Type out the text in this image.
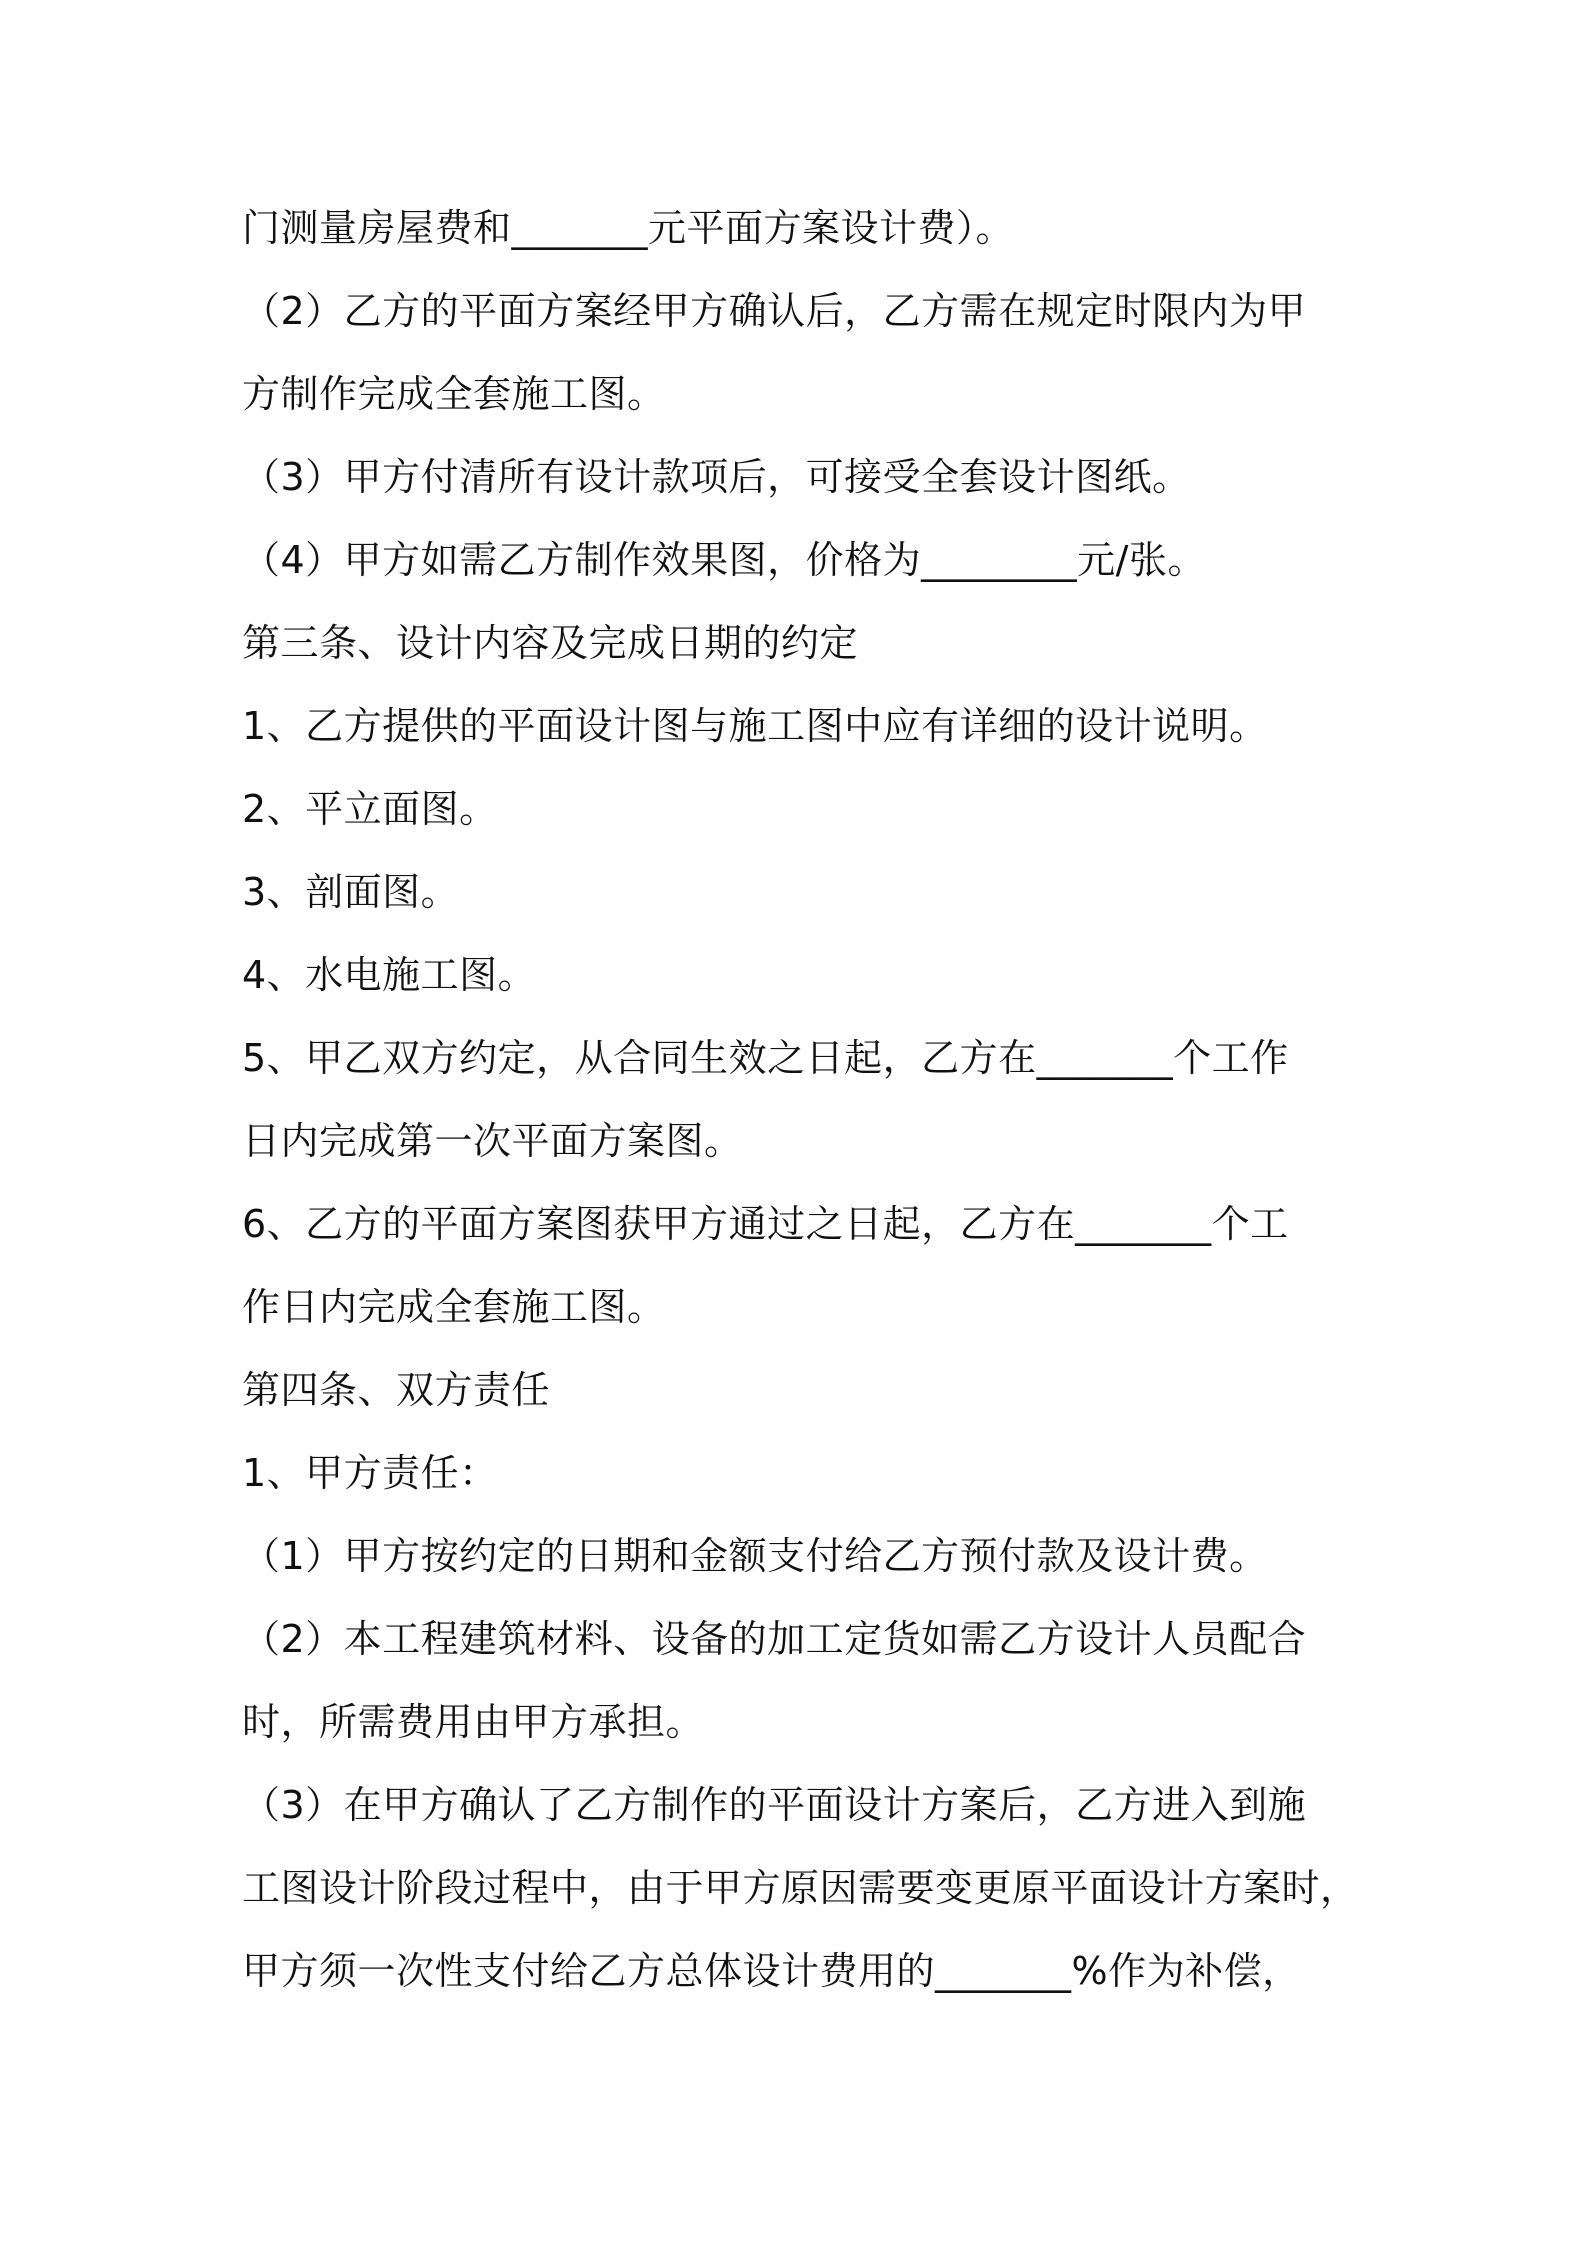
门测量房屋费和_______元平面方案设计费）。
（2）乙方的平面方案经甲方确认后，乙方需在规定时限内为甲
方制作完成全套施工图。
（3）甲方付清所有设计款项后，可接受全套设计图纸。
（4）甲方如需乙方制作效果图，价格为________元/张。
第三条、设计内容及完成日期的约定
1、乙方提供的平面设计图与施工图中应有详细的设计说明。
2、平立面图。
3、剖面图。
4、水电施工图。
5、甲乙双方约定，从合同生效之日起，乙方在_______个工作
日内完成第一次平面方案图。
6、乙方的平面方案图获甲方通过之日起，乙方在_______个工
作日内完成全套施工图。
第四条、双方责任
1、甲方责任：
（1）甲方按约定的日期和金额支付给乙方预付款及设计费。
（2）本工程建筑材料、设备的加工定货如需乙方设计人员配合
时，所需费用由甲方承担。
（3）在甲方确认了乙方制作的平面设计方案后，乙方进入到施
工图设计阶段过程中，由于甲方原因需要变更原平面设计方案时，
甲方须一次性支付给乙方总体设计费用的_______%作为补偿，
